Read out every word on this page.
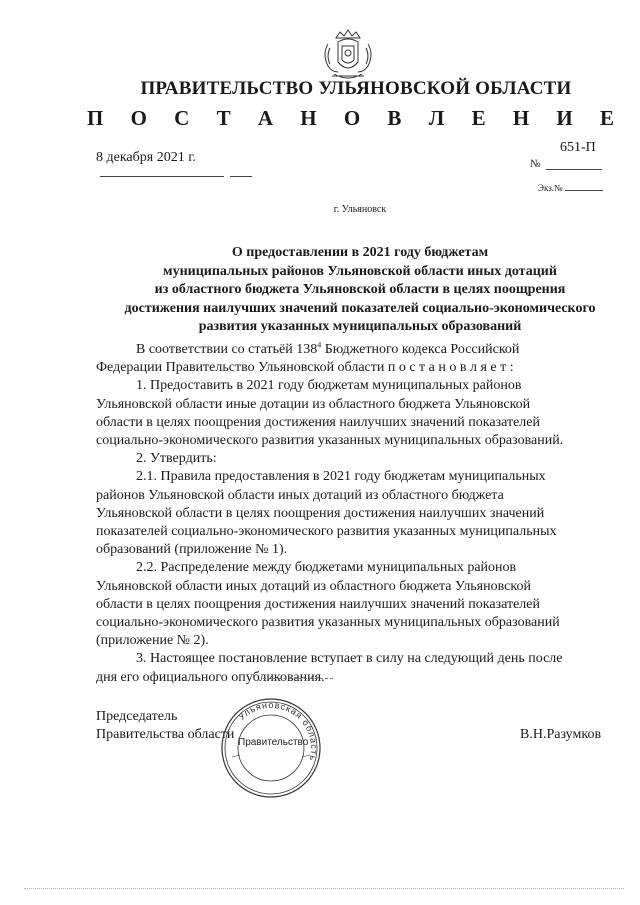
ПРАВИТЕЛЬСТВО УЛЬЯНОВСКОЙ ОБЛАСТИ
П О С Т А Н О В Л Е Н И Е
8 декабря 2021 г.
651-П
№
Экз.№
г. Ульяновск
О предоставлении в 2021 году бюджетам
муниципальных районов Ульяновской области иных дотаций
из областного бюджета Ульяновской области в целях поощрения
достижения наилучших значений показателей социально-экономического
развития указанных муниципальных образований
В соответствии со статьёй $138^4$ Бюджетного кодекса Российской
Федерации Правительство Ульяновской области п о с т а н о в л я е т :
1. Предоставить в 2021 году бюджетам муниципальных районов
Ульяновской области иные дотации из областного бюджета Ульяновской
области в целях поощрения достижения наилучших значений показателей
социально-экономического развития указанных муниципальных образований.
2. Утвердить:
2.1. Правила предоставления в 2021 году бюджетам муниципальных
районов Ульяновской области иных дотаций из областного бюджета
Ульяновской области в целях поощрения достижения наилучших значений
показателей социально-экономического развития указанных муниципальных
образований (приложение № 1).
2.2. Распределение между бюджетами муниципальных районов
Ульяновской области иных дотаций из областного бюджета Ульяновской
области в целях поощрения достижения наилучших значений показателей
социально-экономического развития указанных муниципальных образований
(приложение № 2).
3. Настоящее постановление вступает в силу на следующий день после
дня его официального опубликования.
Председатель
Правительства области	В.Н.Разумков
Ульяновская область
Правительство
